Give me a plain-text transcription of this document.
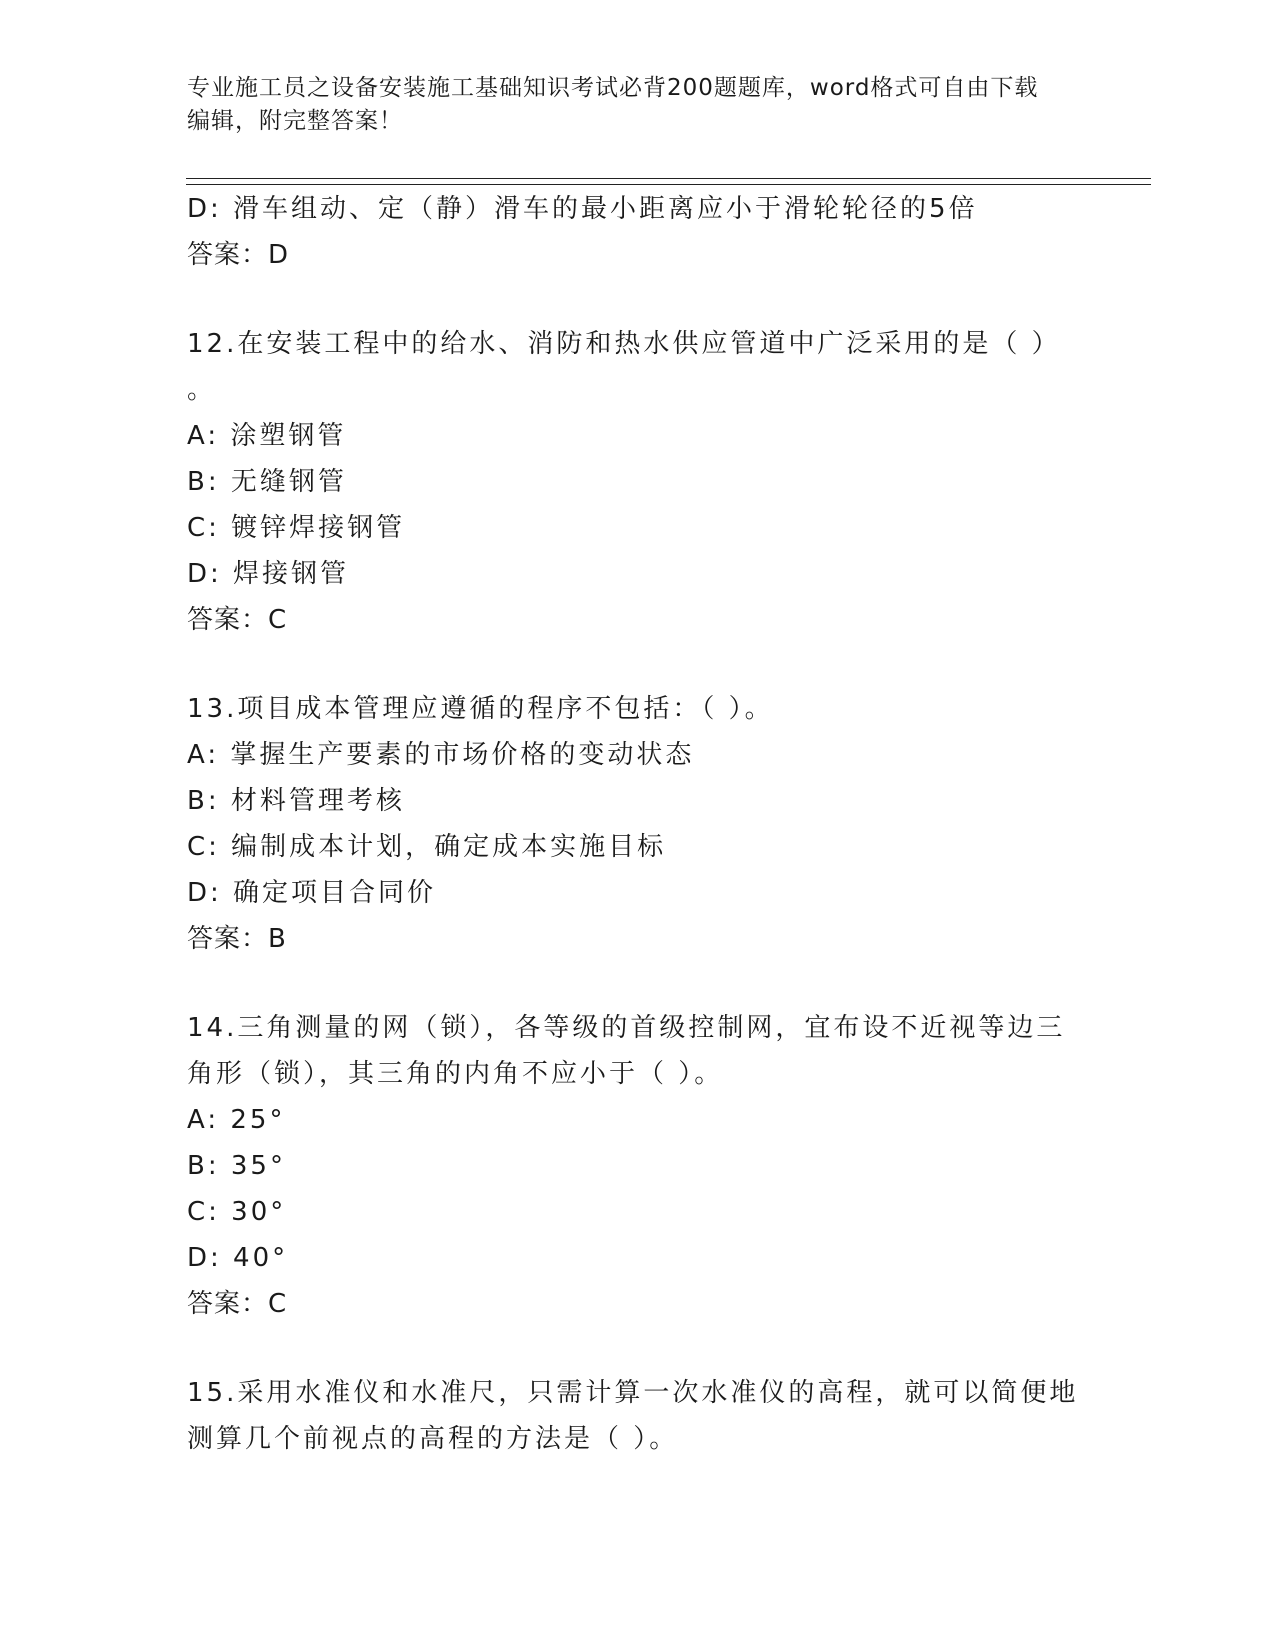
专业施工员之设备安装施工基础知识考试必背200题题库，word格式可自由下载
编辑，附完整答案！
D: 滑车组动、定（静）滑车的最小距离应小于滑轮轮径的5倍
答案：D
12.在安装工程中的给水、消防和热水供应管道中广泛采用的是（ ）
。
A: 涂塑钢管
B: 无缝钢管
C: 镀锌焊接钢管
D: 焊接钢管
答案：C
13.项目成本管理应遵循的程序不包括：（ ）。
A: 掌握生产要素的市场价格的变动状态
B: 材料管理考核
C: 编制成本计划，确定成本实施目标
D: 确定项目合同价
答案：B
14.三角测量的网（锁），各等级的首级控制网，宜布设不近视等边三
角形（锁），其三角的内角不应小于（ ）。
A: 25°
B: 35°
C: 30°
D: 40°
答案：C
15.采用水准仪和水准尺，只需计算一次水准仪的高程，就可以简便地
测算几个前视点的高程的方法是（ ）。
